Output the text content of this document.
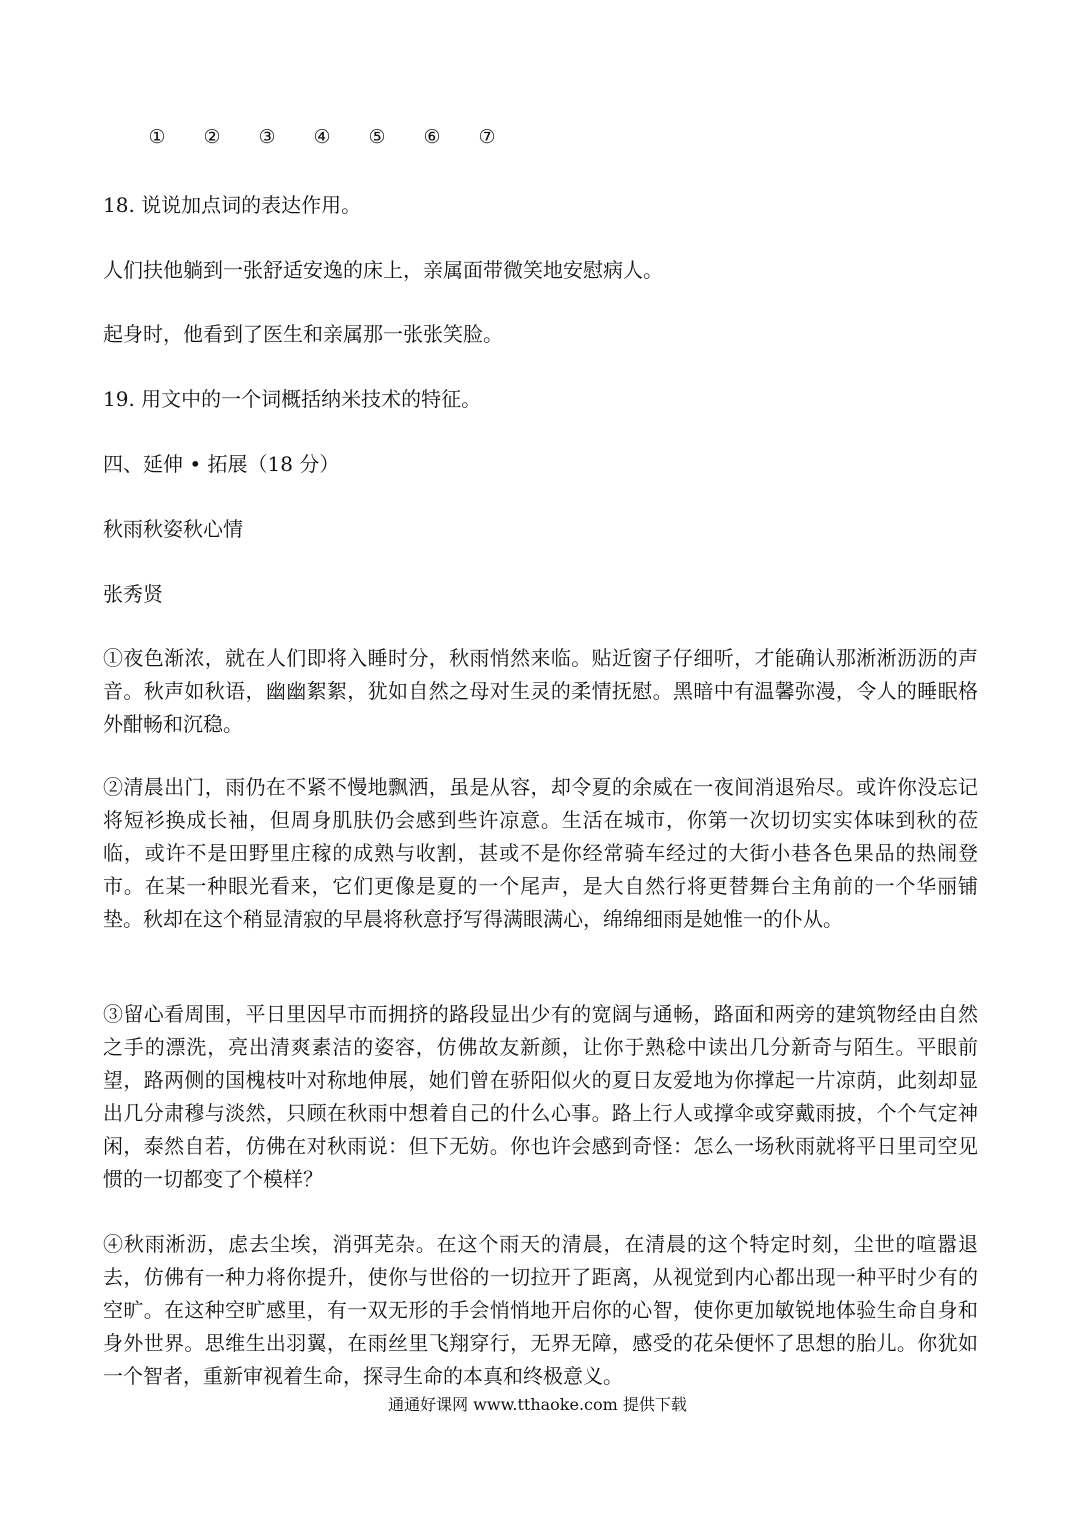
① ② ③ ④ ⑤ ⑥ ⑦
18. 说说加点词的表达作用。
人们扶他躺到一张舒适安逸的床上，亲属面带微笑地安慰病人。
起身时，他看到了医生和亲属那一张张笑脸。
19. 用文中的一个词概括纳米技术的特征。
四、延伸 • 拓展（18 分）
秋雨秋姿秋心情
张秀贤
①夜色渐浓，就在人们即将入睡时分，秋雨悄然来临。贴近窗子仔细听，才能确认那淅淅沥沥的声音。秋声如秋语，幽幽絮絮，犹如自然之母对生灵的柔情抚慰。黑暗中有温馨弥漫，令人的睡眠格外酣畅和沉稳。
②清晨出门，雨仍在不紧不慢地飘洒，虽是从容，却令夏的余威在一夜间消退殆尽。或许你没忘记将短衫换成长袖，但周身肌肤仍会感到些许凉意。生活在城市，你第一次切切实实体味到秋的莅临，或许不是田野里庄稼的成熟与收割，甚或不是你经常骑车经过的大街小巷各色果品的热闹登市。在某一种眼光看来，它们更像是夏的一个尾声，是大自然行将更替舞台主角前的一个华丽铺垫。秋却在这个稍显清寂的早晨将秋意抒写得满眼满心，绵绵细雨是她惟一的仆从。
③留心看周围，平日里因早市而拥挤的路段显出少有的宽阔与通畅，路面和两旁的建筑物经由自然之手的漂洗，亮出清爽素洁的姿容，仿佛故友新颜，让你于熟稔中读出几分新奇与陌生。平眼前望，路两侧的国槐枝叶对称地伸展，她们曾在骄阳似火的夏日友爱地为你撑起一片凉荫，此刻却显出几分肃穆与淡然，只顾在秋雨中想着自己的什么心事。路上行人或撑伞或穿戴雨披，个个气定神闲，泰然自若，仿佛在对秋雨说：但下无妨。你也许会感到奇怪：怎么一场秋雨就将平日里司空见惯的一切都变了个模样？
④秋雨淅沥，虑去尘埃，消弭芜杂。在这个雨天的清晨，在清晨的这个特定时刻，尘世的喧嚣退去，仿佛有一种力将你提升，使你与世俗的一切拉开了距离，从视觉到内心都出现一种平时少有的空旷。在这种空旷感里，有一双无形的手会悄悄地开启你的心智，使你更加敏锐地体验生命自身和身外世界。思维生出羽翼，在雨丝里飞翔穿行，无界无障，感受的花朵便怀了思想的胎儿。你犹如一个智者，重新审视着生命，探寻生命的本真和终极意义。
通通好课网 www.tthaoke.com 提供下载
